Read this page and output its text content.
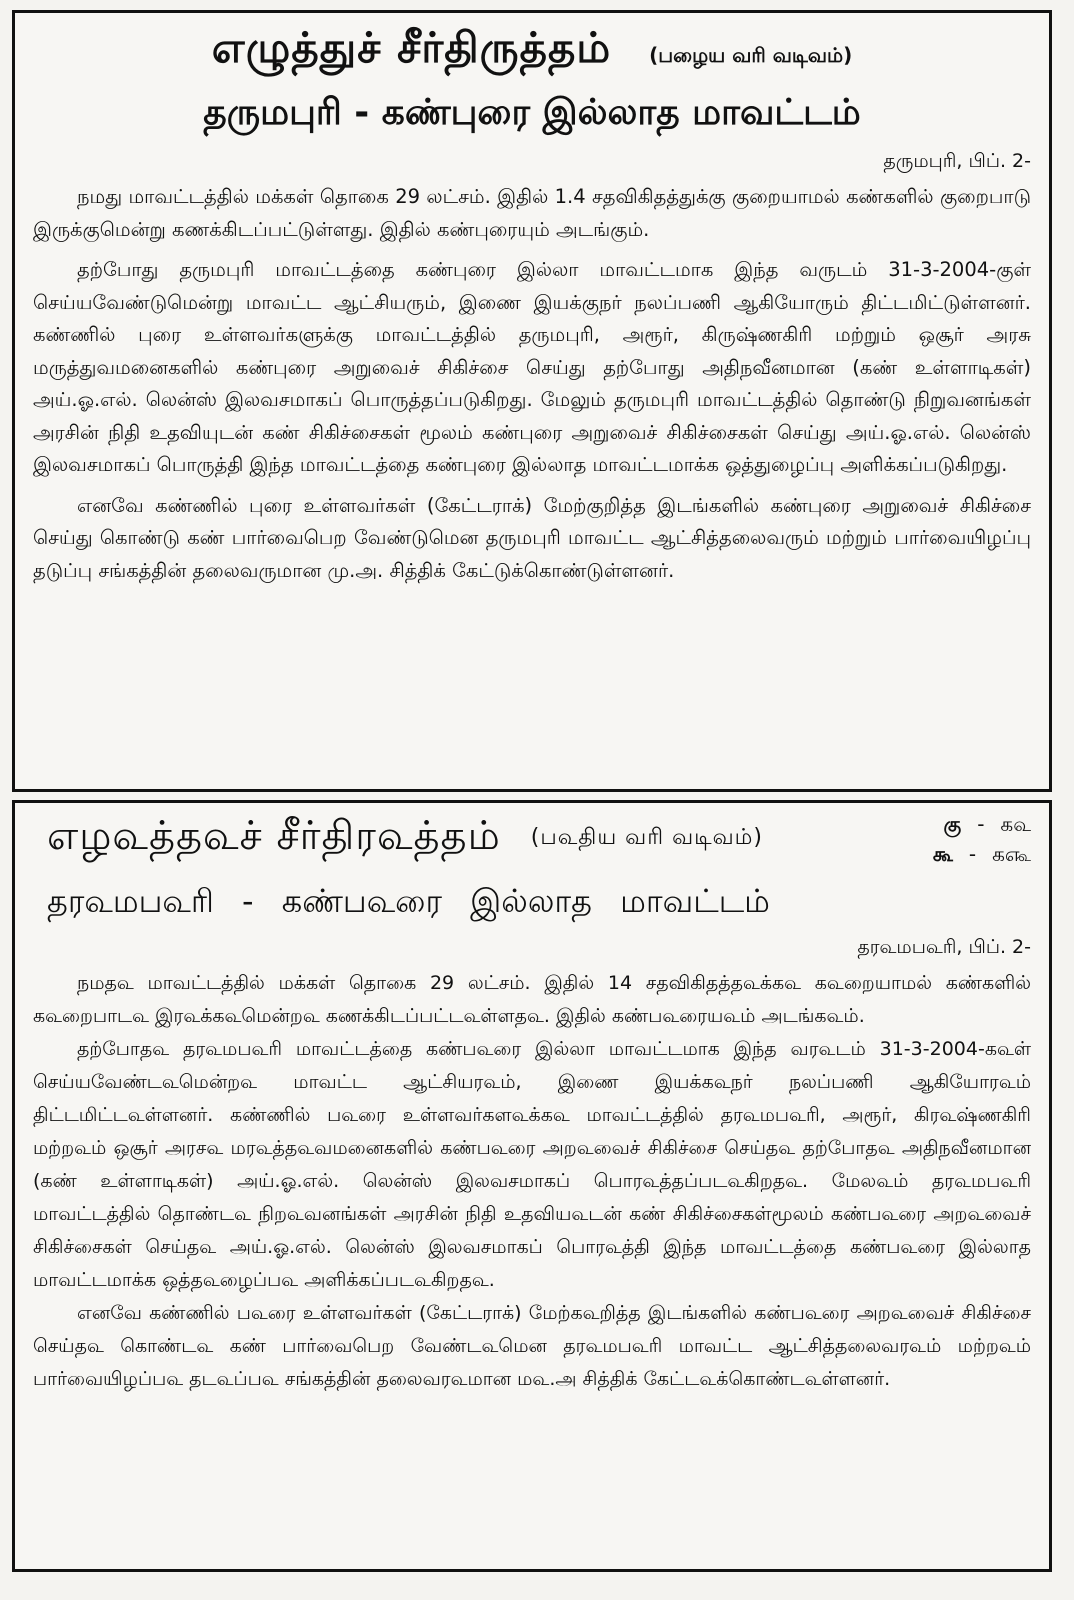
எழுத்துச் சீர்திருத்தம் (பழைய வரி வடிவம்)
தருமபுரி - கண்புரை இல்லாத மாவட்டம்
தருமபுரி, பிப். 2-

நமது மாவட்டத்தில் மக்கள் தொகை 29 லட்சம். இதில் 1.4 சதவிகிதத்துக்கு குறையாமல் கண்களில் குறைபாடு இருக்குமென்று கணக்கிடப்பட்டுள்ளது. இதில் கண்புரையும் அடங்கும்.

தற்போது தருமபுரி மாவட்டத்தை கண்புரை இல்லா மாவட்டமாக இந்த வருடம் 31-3-2004-குள் செய்யவேண்டுமென்று மாவட்ட ஆட்சியரும், இணை இயக்குநர் நலப்பணி ஆகியோரும் திட்டமிட்டுள்ளனர். கண்ணில் புரை உள்ளவர்களுக்கு மாவட்டத்தில் தருமபுரி, அரூர், கிருஷ்ணகிரி மற்றும் ஒசூர் அரசு மருத்துவமனைகளில் கண்புரை அறுவைச் சிகிச்சை செய்து தற்போது அதிநவீனமான (கண் உள்ளாடிகள்) அய்.ஓ.எல். லென்ஸ் இலவசமாகப் பொருத்தப்படுகிறது. மேலும் தருமபுரி மாவட்டத்தில் தொண்டு நிறுவனங்கள் அரசின் நிதி உதவியுடன் கண் சிகிச்சைகள் மூலம் கண்புரை அறுவைச் சிகிச்சைகள் செய்து அய்.ஓ.எல். லென்ஸ் இலவசமாகப் பொருத்தி இந்த மாவட்டத்தை கண்புரை இல்லாத மாவட்டமாக்க ஒத்துழைப்பு அளிக்கப்படுகிறது.

எனவே கண்ணில் புரை உள்ளவர்கள் (கேட்டராக்) மேற்குறித்த இடங்களில் கண்புரை அறுவைச் சிகிச்சை செய்து கொண்டு கண் பார்வைபெற வேண்டுமென தருமபுரி மாவட்ட ஆட்சித்தலைவரும் மற்றும் பார்வையிழப்பு தடுப்பு சங்கத்தின் தலைவருமான மு.அ. சித்திக் கேட்டுக்கொண்டுள்ளனர்.

எழ௳த்த௳ச் சீர்திர௳த்தம் (ப௳திய வரி வடிவம்)
கு - க௳
கூ - க௷
தர௳மப௳ரி - கண்ப௳ரை இல்லாத மாவட்டம்
தர௳மப௳ரி, பிப். 2-

நமத௳ மாவட்டத்தில் மக்கள் தொகை 29 லட்சம். இதில் 14 சதவிகிதத்த௳க்க௳ க௳றையாமல் கண்களில் க௳றைபாட௳ இர௳க்க௳மென்ற௳ கணக்கிடப்பட்ட௳ள்ளத௳. இதில் கண்ப௳ரைய௳ம் அடங்க௳ம்.

தற்போத௳ தர௳மப௳ரி மாவட்டத்தை கண்ப௳ரை இல்லா மாவட்டமாக இந்த வர௳டம் 31-3-2004-க௳ள் செய்யவேண்ட௳மென்ற௳ மாவட்ட ஆட்சியர௳ம், இணை இயக்க௳நர் நலப்பணி ஆகியோர௳ம் திட்டமிட்ட௳ள்ளனர். கண்ணில் ப௳ரை உள்ளவர்கள௳க்க௳ மாவட்டத்தில் தர௳மப௳ரி, அரூர், கிர௳ஷ்ணகிரி மற்ற௳ம் ஒசூர் அரச௳ மர௳த்த௳வமனைகளில் கண்ப௳ரை அற௳வைச் சிகிச்சை செய்த௳ தற்போத௳ அதிநவீனமான (கண் உள்ளாடிகள்) அய்.ஓ.எல். லென்ஸ் இலவசமாகப் பொர௳த்தப்பட௳கிறத௳. மேல௳ம் தர௳மப௳ரி மாவட்டத்தில் தொண்ட௳ நிற௳வனங்கள் அரசின் நிதி உதவிய௳டன் கண் சிகிச்சைகள்மூலம் கண்ப௳ரை அற௳வைச் சிகிச்சைகள் செய்த௳ அய்.ஓ.எல். லென்ஸ் இலவசமாகப் பொர௳த்தி இந்த மாவட்டத்தை கண்ப௳ரை இல்லாத மாவட்டமாக்க ஒத்த௳ழைப்ப௳ அளிக்கப்பட௳கிறத௳.

எனவே கண்ணில் ப௳ரை உள்ளவர்கள் (கேட்டராக்) மேற்க௳றித்த இடங்களில் கண்ப௳ரை அற௳வைச் சிகிச்சை செய்த௳ கொண்ட௳ கண் பார்வைபெற வேண்ட௳மென தர௳மப௳ரி மாவட்ட ஆட்சித்தலைவர௳ம் மற்ற௳ம் பார்வையிழப்ப௳ தட௳ப்ப௳ சங்கத்தின் தலைவர௳மான ம௳.அ சித்திக் கேட்ட௳க்கொண்ட௳ள்ளனர்.
